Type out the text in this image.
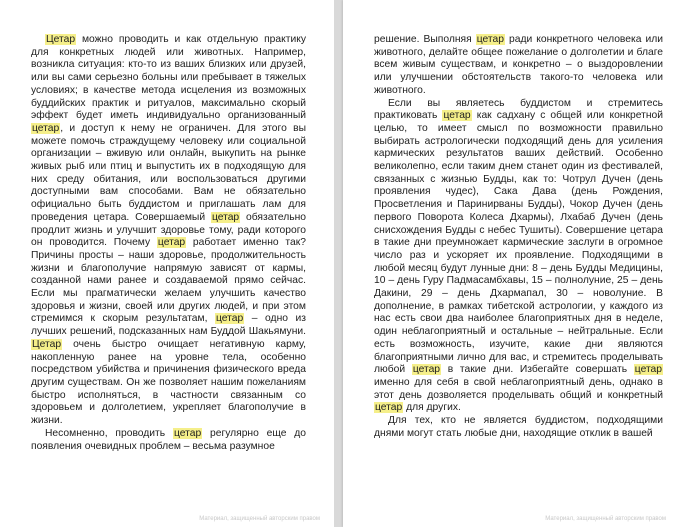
Цетар можно проводить и как отдельную практику для конкретных людей или животных. Например, возникла ситуация: кто-то из ваших близких или друзей, или вы сами серьезно больны или пребывает в тяжелых условиях; в качестве метода исцеления из возможных буддийских практик и ритуалов, максимально скорый эффект будет иметь индивидуально организованный цетар, и доступ к нему не ограничен. Для этого вы можете помочь страждущему человеку или социальной организации – вживую или онлайн, выкупить на рынке живых рыб или птиц и выпустить их в подходящую для них среду обитания, или воспользоваться другими доступными вам способами. Вам не обязательно официально быть буддистом и приглашать лам для проведения цетара. Совершаемый цетар обязательно продлит жизнь и улучшит здоровье тому, ради которого он проводится. Почему цетар работает именно так? Причины просты – наши здоровье, продолжительность жизни и благополучие напрямую зависят от кармы, созданной нами ранее и создаваемой прямо сейчас. Если мы прагматически желаем улучшить качество здоровья и жизни, своей или других людей, и при этом стремимся к скорым результатам, цетар – одно из лучших решений, подсказанных нам Буддой Шакьямуни. Цетар очень быстро очищает негативную карму, накопленную ранее на уровне тела, особенно посредством убийства и причинения физического вреда другим существам. Он же позволяет нашим пожеланиям быстро исполняться, в частности связанным со здоровьем и долголетием, укрепляет благополучие в жизни.

Несомненно, проводить цетар регулярно еще до появления очевидных проблем – весьма разумное

Материал, защищенный авторским правом

решение. Выполняя цетар ради конкретного человека или животного, делайте общее пожелание о долголетии и благе всем живым существам, и конкретно – о выздоровлении или улучшении обстоятельств такого-то человека или животного.

Если вы являетесь буддистом и стремитесь практиковать цетар как садхану с общей или конкретной целью, то имеет смысл по возможности правильно выбирать астрологически подходящий день для усиления кармических результатов ваших действий. Особенно великолепно, если таким днем станет один из фестивалей, связанных с жизнью Будды, как то: Чотрул Дучен (день проявления чудес), Сака Дава (день Рождения, Просветления и Паринирваны Будды), Чокор Дучен (день первого Поворота Колеса Дхармы), Лхабаб Дучен (день снисхождения Будды с небес Тушиты). Совершение цетара в такие дни преумножает кармические заслуги в огромное число раз и ускоряет их проявление. Подходящими в любой месяц будут лунные дни: 8 – день Будды Медицины, 10 – день Гуру Падмасамбхавы, 15 – полнолуние, 25 – день Дакини, 29 – день Дхармапал, 30 – новолуние. В дополнение, в рамках тибетской астрологии, у каждого из нас есть свои два наиболее благоприятных дня в неделе, один неблагоприятный и остальные – нейтральные. Если есть возможность, изучите, какие дни являются благоприятными лично для вас, и стремитесь проделывать любой цетар в такие дни. Избегайте совершать цетар именно для себя в свой неблагоприятный день, однако в этот день дозволяется проделывать общий и конкретный цетар для других.

Для тех, кто не является буддистом, подходящими днями могут стать любые дни, находящие отклик в вашей

Материал, защищенный авторским правом
